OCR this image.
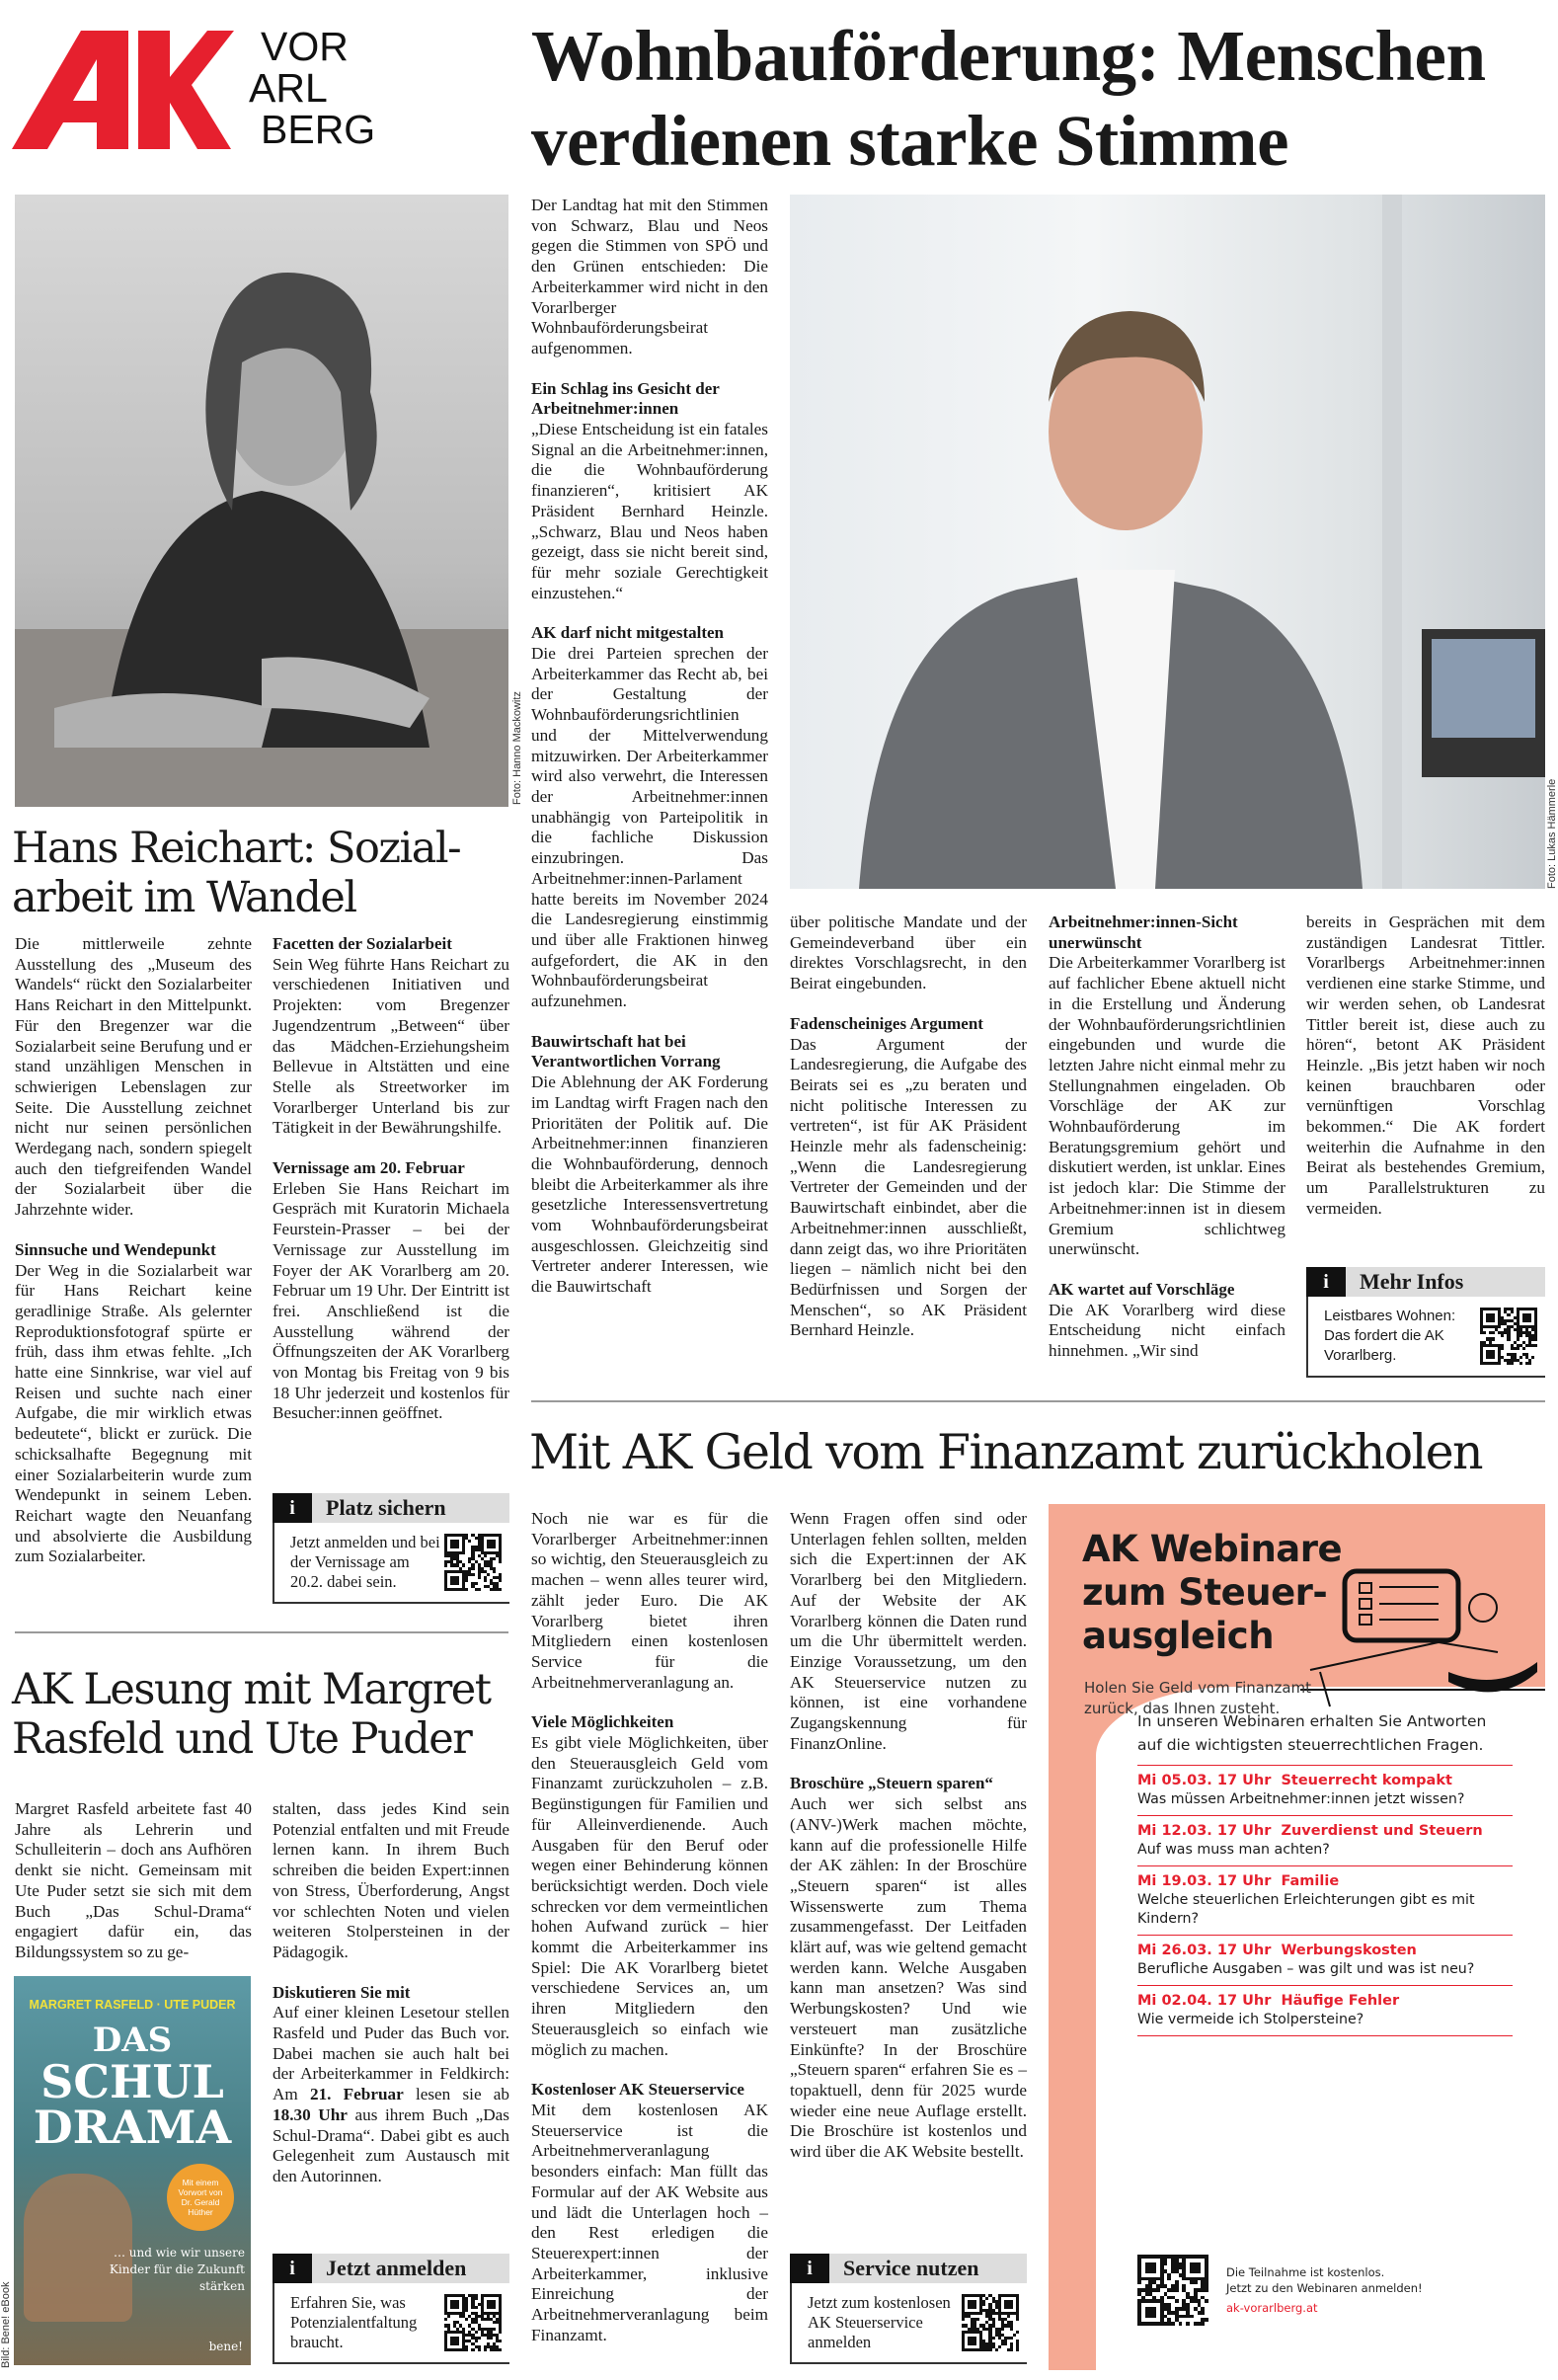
VOR
ARL
BERG
Wohnbauförderung: Menschen
verdienen starke Stimme
Foto: Hanno Mackowitz
Hans Reichart: Sozial-
arbeit im Wandel

Die mittlerweile zehnte Ausstellung des „Museum des Wandels“ rückt den Sozialarbeiter Hans Reichart in den Mittelpunkt. Für den Bregenzer war die Sozialarbeit seine Berufung und er stand unzähligen Menschen in schwierigen Lebenslagen zur Seite. Die Ausstellung zeichnet nicht nur seinen persönlichen Werdegang nach, sondern spiegelt auch den tiefgreifenden Wandel der Sozialarbeit über die Jahrzehnte wider.

Sinnsuche und Wendepunkt

Der Weg in die Sozialarbeit war für Hans Reichart keine geradlinige Straße. Als gelernter Reproduktionsfotograf spürte er früh, dass ihm etwas fehlte. „Ich hatte eine Sinnkrise, war viel auf Reisen und suchte nach einer Aufgabe, die mir wirklich etwas bedeutete“, blickt er zurück. Die schicksalhafte Begegnung mit einer Sozialarbeiterin wurde zum Wendepunkt in seinem Leben. Reichart wagte den Neuanfang und absolvierte die Ausbildung zum Sozialarbeiter.

Facetten der Sozialarbeit

Sein Weg führte Hans Reichart zu verschiedenen Initiativen und Projekten: vom Bregenzer Jugendzentrum „Between“ über das Mädchen-Erziehungsheim Bellevue in Altstätten und eine Stelle als Streetworker im Vorarlberger Unterland bis zur Tätigkeit in der Bewährungshilfe.

Vernissage am 20. Februar

Erleben Sie Hans Reichart im Gespräch mit Kuratorin Michaela Feurstein-Prasser – bei der Vernissage zur Ausstellung im Foyer der AK Vorarlberg am 20. Februar um 19 Uhr. Der Eintritt ist frei. Anschließend ist die Ausstellung während der Öffnungszeiten der AK Vorarlberg von Montag bis Freitag von 9 bis 18 Uhr jederzeit und kostenlos für Besucher:innen geöffnet.

i	Platz sichern
Jetzt anmelden und bei der Vernissage am 20.2. dabei sein.
AK Lesung mit Margret
Rasfeld und Ute Puder

Margret Rasfeld arbeitete fast 40 Jahre als Lehrerin und Schulleiterin – doch ans Aufhören denkt sie nicht. Gemeinsam mit Ute Puder setzt sie sich mit dem Buch „Das Schul-Drama“ engagiert dafür ein, das Bildungssystem so zu ge-

stalten, dass jedes Kind sein Potenzial entfalten und mit Freude lernen kann. In ihrem Buch schreiben die beiden Expert:innen von Stress, Überforderung, Angst vor schlechten Noten und vielen weiteren Stolpersteinen in der Pädagogik.

Diskutieren Sie mit

Auf einer kleinen Lesetour stellen Rasfeld und Puder das Buch vor. Dabei machen sie auch halt bei der Arbeiterkammer in Feldkirch: Am 21. Februar lesen sie ab 18.30 Uhr aus ihrem Buch „Das Schul-Drama“. Dabei gibt es auch Gelegenheit zum Austausch mit den Autorinnen.

MARGRET RASFELD · UTE PUDER
DAS
SCHUL
DRAMA
Mit einem Vorwort von Dr. Gerald Hüther
… und wie wir unsere Kinder für die Zukunft stärken
bene!
Bild: Bene! eBook
i	Jetzt anmelden
Erfahren Sie, was Potenzialentfaltung braucht.

Der Landtag hat mit den Stimmen von Schwarz, Blau und Neos gegen die Stimmen von SPÖ und den Grünen entschieden: Die Arbeiterkammer wird nicht in den Vorarlberger Wohnbauförderungsbeirat aufgenommen.

Ein Schlag ins Gesicht der Arbeitnehmer:innen

„Diese Entscheidung ist ein fatales Signal an die Arbeitnehmer:innen, die die Wohnbauförderung finanzieren“, kritisiert AK Präsident Bernhard Heinzle. „Schwarz, Blau und Neos haben gezeigt, dass sie nicht bereit sind, für mehr soziale Gerechtigkeit einzustehen.“

AK darf nicht mitgestalten

Die drei Parteien sprechen der Arbeiterkammer das Recht ab, bei der Gestaltung der Wohnbauförderungsrichtlinien und der Mittelverwendung mitzuwirken. Der Arbeiterkammer wird also verwehrt, die Interessen der Arbeitnehmer:innen unabhängig von Parteipolitik in die fachliche Diskussion einzubringen. Das Arbeitnehmer:innen-Parlament hatte bereits im November 2024 die Landesregierung einstimmig und über alle Fraktionen hinweg aufgefordert, die AK in den Wohnbauförderungsbeirat aufzunehmen.

Bauwirtschaft hat bei Verantwortlichen Vorrang

Die Ablehnung der AK Forderung im Landtag wirft Fragen nach den Prioritäten der Politik auf. Die Arbeitnehmer:innen finanzieren die Wohnbauförderung, dennoch bleibt die Arbeiterkammer als ihre gesetzliche Interessensvertretung vom Wohnbauförderungsbeirat ausgeschlossen. Gleichzeitig sind Vertreter anderer Interessen, wie die Bauwirtschaft

Foto: Lukas Hämmerle

über politische Mandate und der Gemeindeverband über ein direktes Vorschlagsrecht, in den Beirat eingebunden.

Fadenscheiniges Argument

Das Argument der Landesregierung, die Aufgabe des Beirats sei es „zu beraten und nicht politische Interessen zu vertreten“, ist für AK Präsident Heinzle mehr als fadenscheinig: „Wenn die Landesregierung Vertreter der Gemeinden und der Bauwirtschaft einbindet, aber die Arbeitnehmer:innen ausschließt, dann zeigt das, wo ihre Prioritäten liegen – nämlich nicht bei den Bedürfnissen und Sorgen der Menschen“, so AK Präsident Bernhard Heinzle.

Arbeitnehmer:innen-Sicht unerwünscht

Die Arbeiterkammer Vorarlberg ist auf fachlicher Ebene aktuell nicht in die Erstellung und Änderung der Wohnbauförderungsrichtlinien eingebunden und wurde die letzten Jahre nicht einmal mehr zu Stellungnahmen eingeladen. Ob Vorschläge der AK zur Wohnbauförderung im Beratungsgremium gehört und diskutiert werden, ist unklar. Eines ist jedoch klar: Die Stimme der Arbeitnehmer:innen ist in diesem Gremium schlichtweg unerwünscht.

AK wartet auf Vorschläge

Die AK Vorarlberg wird diese Entscheidung nicht einfach hinnehmen. „Wir sind

bereits in Gesprächen mit dem zuständigen Landesrat Tittler. Vorarlbergs Arbeitnehmer:innen verdienen eine starke Stimme, und wir werden sehen, ob Landesrat Tittler bereit ist, diese auch zu hören“, betont AK Präsident Heinzle. „Bis jetzt haben wir noch keinen brauchbaren oder vernünftigen Vorschlag bekommen.“ Die AK fordert weiterhin die Aufnahme in den Beirat als bestehendes Gremium, um Parallelstrukturen zu vermeiden.

i	Mehr Infos
Leistbares Wohnen: Das fordert die AK Vorarlberg.
Mit AK Geld vom Finanzamt zurückholen

Noch nie war es für die Vorarlberger Arbeitnehmer:innen so wichtig, den Steuerausgleich zu machen – wenn alles teurer wird, zählt jeder Euro. Die AK Vorarlberg bietet ihren Mitgliedern einen kostenlosen Service für die Arbeitnehmerveranlagung an.

Viele Möglichkeiten

Es gibt viele Möglichkeiten, über den Steuerausgleich Geld vom Finanzamt zurückzuholen – z.B. Begünstigungen für Familien und für Alleinverdienende. Auch Ausgaben für den Beruf oder wegen einer Behinderung können berücksichtigt werden. Doch viele schrecken vor dem vermeintlichen hohen Aufwand zurück – hier kommt die Arbeiterkammer ins Spiel: Die AK Vorarlberg bietet verschiedene Services an, um ihren Mitgliedern den Steuerausgleich so einfach wie möglich zu machen.

Kostenloser AK Steuerservice

Mit dem kostenlosen AK Steuerservice ist die Arbeitnehmerveranlagung besonders einfach: Man füllt das Formular auf der AK Website aus und lädt die Unterlagen hoch – den Rest erledigen die Steuerexpert:innen der Arbeiterkammer, inklusive Einreichung der Arbeitnehmerveranlagung beim Finanzamt.

Wenn Fragen offen sind oder Unterlagen fehlen sollten, melden sich die Expert:innen der AK Vorarlberg bei den Mitgliedern. Auf der Website der AK Vorarlberg können die Daten rund um die Uhr übermittelt werden. Einzige Voraussetzung, um den AK Steuerservice nutzen zu können, ist eine vorhandene Zugangskennung für FinanzOnline.

Broschüre „Steuern sparen“

Auch wer sich selbst ans (ANV-)Werk machen möchte, kann auf die professionelle Hilfe der AK zählen: In der Broschüre „Steuern sparen“ ist alles Wissenswerte zum Thema zusammengefasst. Der Leitfaden klärt auf, was wie geltend gemacht werden kann. Welche Ausgaben kann man ansetzen? Was sind Werbungskosten? Und wie versteuert man zusätzliche Einkünfte? In der Broschüre „Steuern sparen“ erfahren Sie es – topaktuell, denn für 2025 wurde wieder eine neue Auflage erstellt. Die Broschüre ist kostenlos und wird über die AK Website bestellt.

i	Service nutzen
Jetzt zum kostenlosen AK Steuerservice anmelden
AK Webinare
zum Steuer-
ausgleich
Holen Sie Geld vom Finanzamt zurück, das Ihnen zusteht.
In unseren Webinaren erhalten Sie Antworten auf die wichtigsten steuerrechtlichen Fragen.
Mi 05.03. 17 Uhr Steuerrecht kompakt
Was müssen Arbeitnehmer:innen jetzt wissen?
Mi 12.03. 17 Uhr Zuverdienst und Steuern
Auf was muss man achten?
Mi 19.03. 17 Uhr Familie
Welche steuerlichen Erleichterungen gibt es mit Kindern?
Mi 26.03. 17 Uhr Werbungskosten
Berufliche Ausgaben – was gilt und was ist neu?
Mi 02.04. 17 Uhr Häufige Fehler
Wie vermeide ich Stolpersteine?
Die Teilnahme ist kostenlos.
Jetzt zu den Webinaren anmelden!
ak-vorarlberg.at
